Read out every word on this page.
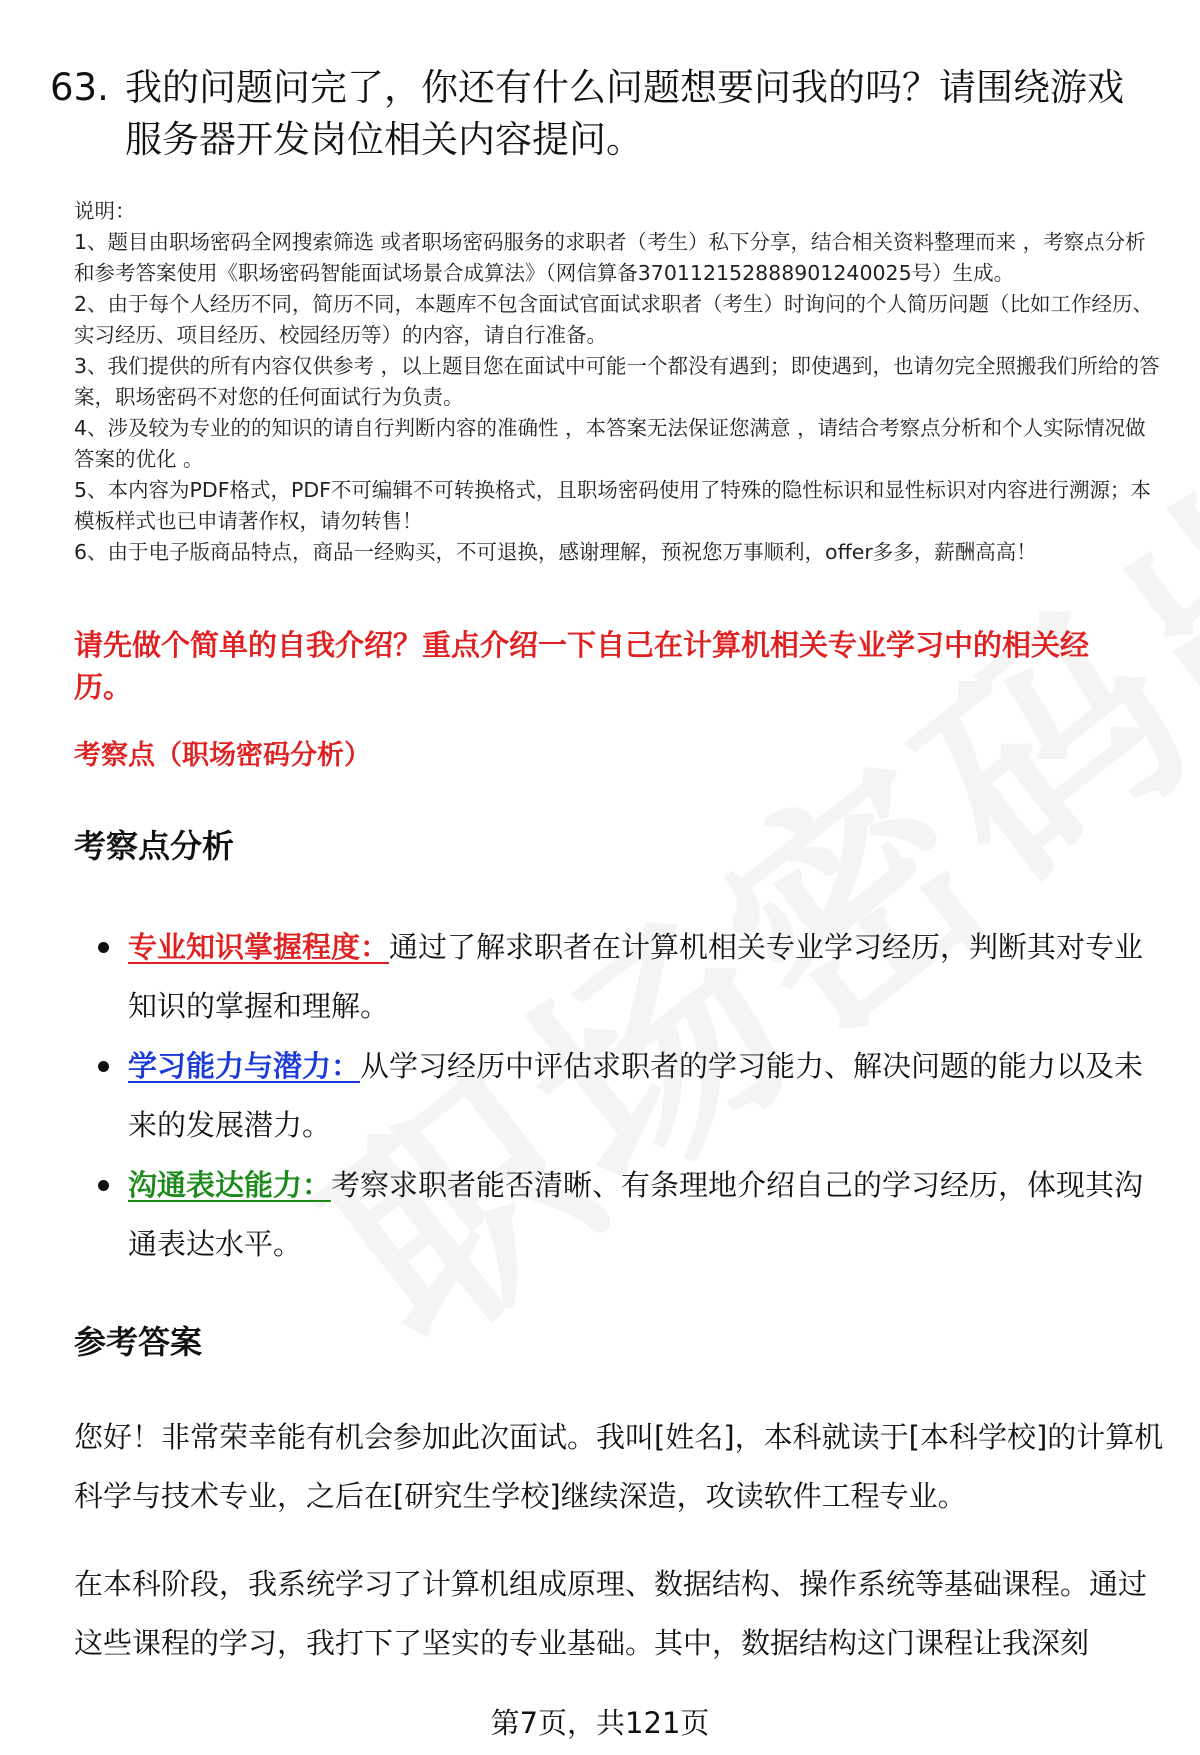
63. 我的问题问完了，你还有什么问题想要问我的吗？请围绕游戏服务器开发岗位相关内容提问。

说明：

1、题目由职场密码全网搜索筛选 或者职场密码服务的求职者（考生）私下分享，结合相关资料整理而来 ，考察点分析和参考答案使用《职场密码智能面试场景合成算法》（网信算备370112152888901240025号）生成。

2、由于每个人经历不同，简历不同，本题库不包含面试官面试求职者（考生）时询问的个人简历问题（比如工作经历、实习经历、项目经历、校园经历等）的内容，请自行准备。

3、我们提供的所有内容仅供参考 ，以上题目您在面试中可能一个都没有遇到；即使遇到，也请勿完全照搬我们所给的答案，职场密码不对您的任何面试行为负责。

4、涉及较为专业的的知识的请自行判断内容的准确性 ，本答案无法保证您满意 ，请结合考察点分析和个人实际情况做答案的优化 。

5、本内容为PDF格式，PDF不可编辑不可转换格式，且职场密码使用了特殊的隐性标识和显性标识对内容进行溯源；本模板样式也已申请著作权，请勿转售！

6、由于电子版商品特点，商品一经购买，不可退换，感谢理解，预祝您万事顺利，offer多多，薪酬高高！

请先做个简单的自我介绍？重点介绍一下自己在计算机相关专业学习中的相关经历。
考察点（职场密码分析）
考察点分析
专业知识掌握程度：通过了解求职者在计算机相关专业学习经历，判断其对专业知识的掌握和理解。
学习能力与潜力：从学习经历中评估求职者的学习能力、解决问题的能力以及未来的发展潜力。
沟通表达能力：考察求职者能否清晰、有条理地介绍自己的学习经历，体现其沟通表达水平。
参考答案

您好！非常荣幸能有机会参加此次面试。我叫[姓名]，本科就读于[本科学校]的计算机科学与技术专业，之后在[研究生学校]继续深造，攻读软件工程专业。

在本科阶段，我系统学习了计算机组成原理、数据结构、操作系统等基础课程。通过这些课程的学习，我打下了坚实的专业基础。其中，数据结构这门课程让我深刻

第7页，共121页
